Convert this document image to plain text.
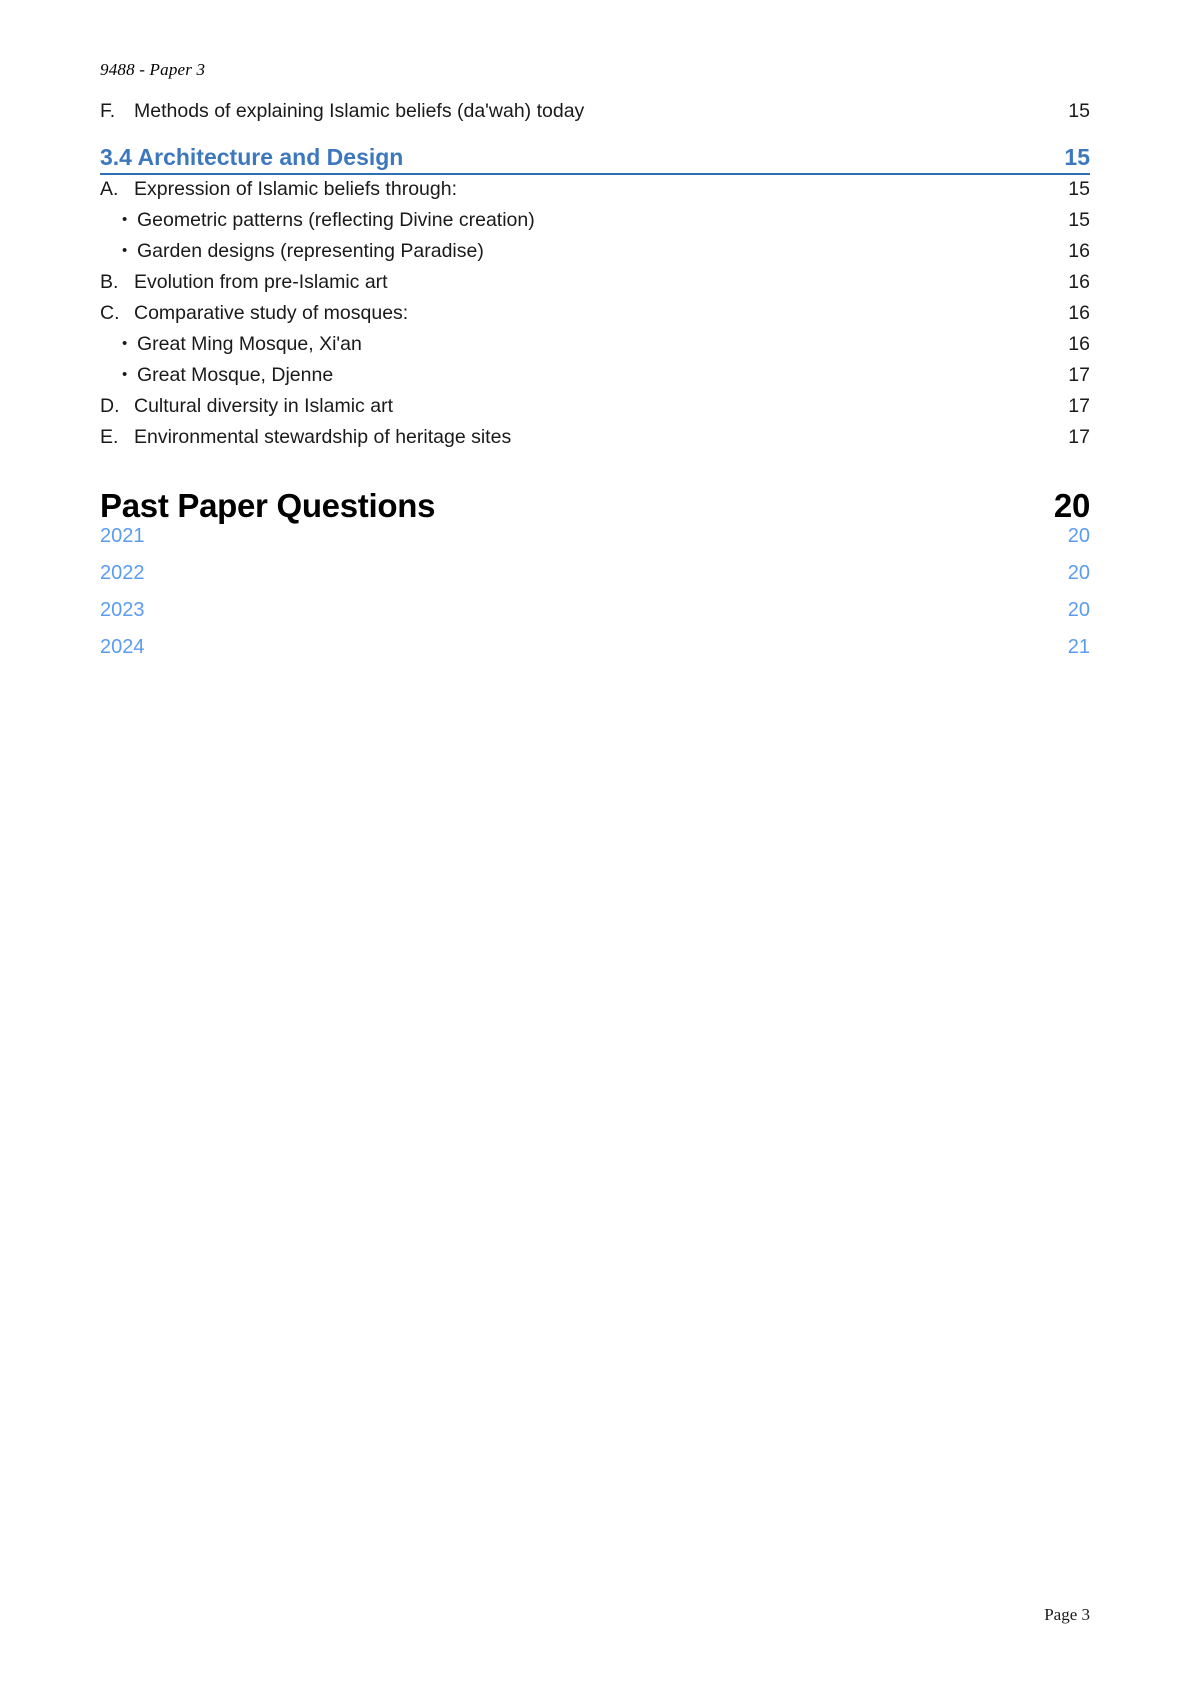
9488 - Paper 3
F. Methods of explaining Islamic beliefs (da'wah) today	15
3.4 Architecture and Design	15
A. Expression of Islamic beliefs through:	15
• Geometric patterns (reflecting Divine creation)	15
• Garden designs (representing Paradise)	16
B. Evolution from pre-Islamic art	16
C. Comparative study of mosques:	16
• Great Ming Mosque, Xi'an	16
• Great Mosque, Djenne	17
D. Cultural diversity in Islamic art	17
E. Environmental stewardship of heritage sites	17
Past Paper Questions	20
2021	20
2022	20
2023	20
2024	21
Page 3
